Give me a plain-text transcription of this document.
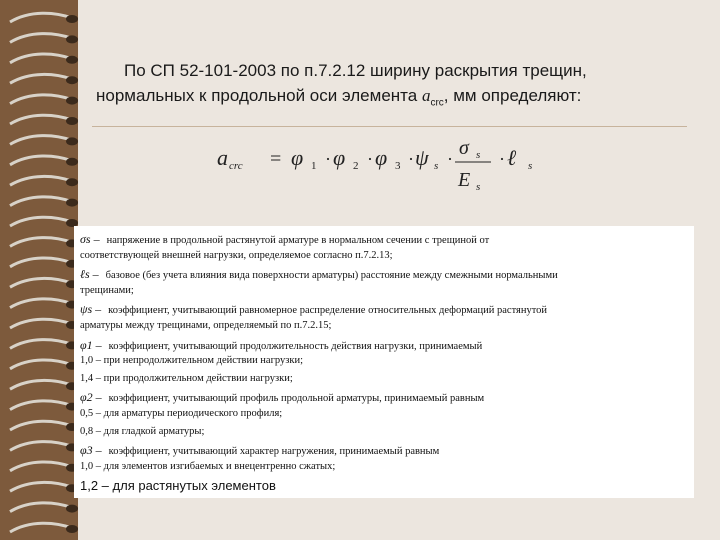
По СП 52-101-2003 по п.7.2.12 ширину раскрытия трещин,
нормальных к продольной оси элемента $a_{crc}$, мм определяют:

a crc = φ 1 · φ 2 · φ 3 · ψ s · σ s
E s
· ℓ s
σs – напряжение в продольной растянутой арматуре в нормальном сечении с трещиной от
соответствующей внешней нагрузки, определяемое согласно п.7.2.13;
ℓs – базовое (без учета влияния вида поверхности арматуры) расстояние между смежными нормальными
трещинами;
ψs – коэффициент, учитывающий равномерное распределение относительных деформаций растянутой
арматуры между трещинами, определяемый по п.7.2.15;
φ1 – коэффициент, учитывающий продолжительность действия нагрузки, принимаемый
1,0 – при непродолжительном действии нагрузки;
1,4 – при продолжительном действии нагрузки;
φ2 – коэффициент, учитывающий профиль продольной арматуры, принимаемый равным
0,5 – для арматуры периодического профиля;
0,8 – для гладкой арматуры;
φ3 – коэффициент, учитывающий характер нагружения, принимаемый равным
1,0 – для элементов изгибаемых и внецентренно сжатых;
1,2 – для растянутых элементов
